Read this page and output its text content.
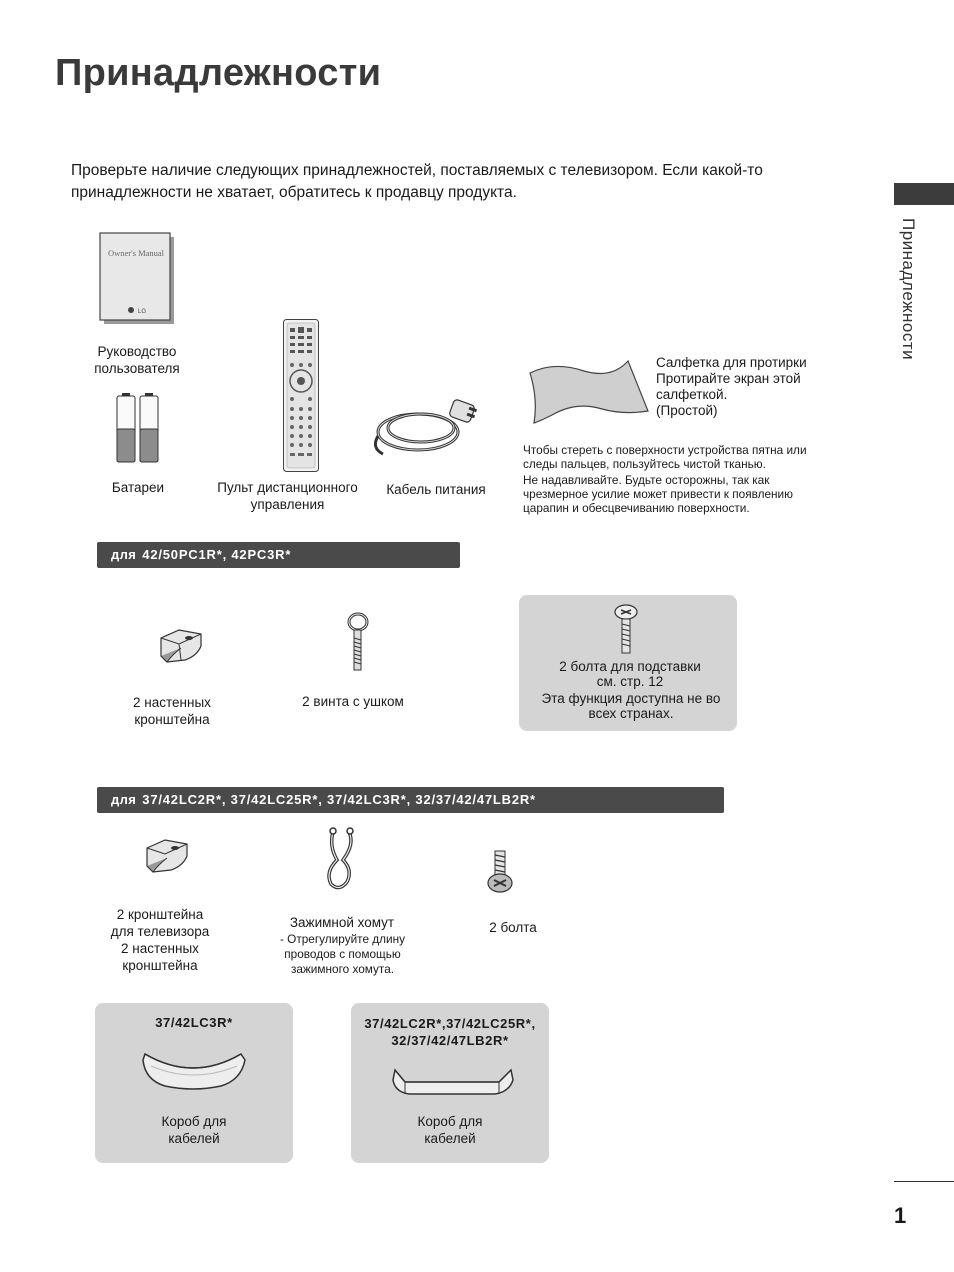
Принадлежности
Проверьте наличие следующих принадлежностей, поставляемых с телевизором. Если какой-то принадлежности не хватает, обратитесь к продавцу продукта.
Принадлежности
Owner's Manual
LG
Руководство
пользователя
Батареи	Пульт дистанционного
управления
Кабель питания
Салфетка для протирки
Протирайте экран этой
салфеткой.
(Простой)
Чтобы стереть с поверхности устройства пятна или следы пальцев, пользуйтесь чистой тканью.
Не надавливайте. Будьте осторожны, так как чрезмерное усилие может привести к появлению царапин и обесцвечиванию поверхности.
для 42/50PC1R*, 42PC3R*
2 настенных
кронштейна
2 винта с ушком
2 болта для подставки
см. стр. 12
Эта функция доступна не во
всех странах.
для 37/42LC2R*, 37/42LC25R*, 37/42LC3R*, 32/37/42/47LB2R*
2 кронштейна
для телевизора
2 настенных
кронштейна
Зажимной хомут
- Отрегулируйте длину
проводов с помощью
зажимного хомута.
2 болта
37/42LC3R*
Короб для
кабелей
37/42LC2R*,37/42LC25R*,
32/37/42/47LB2R*
Короб для
кабелей
1
